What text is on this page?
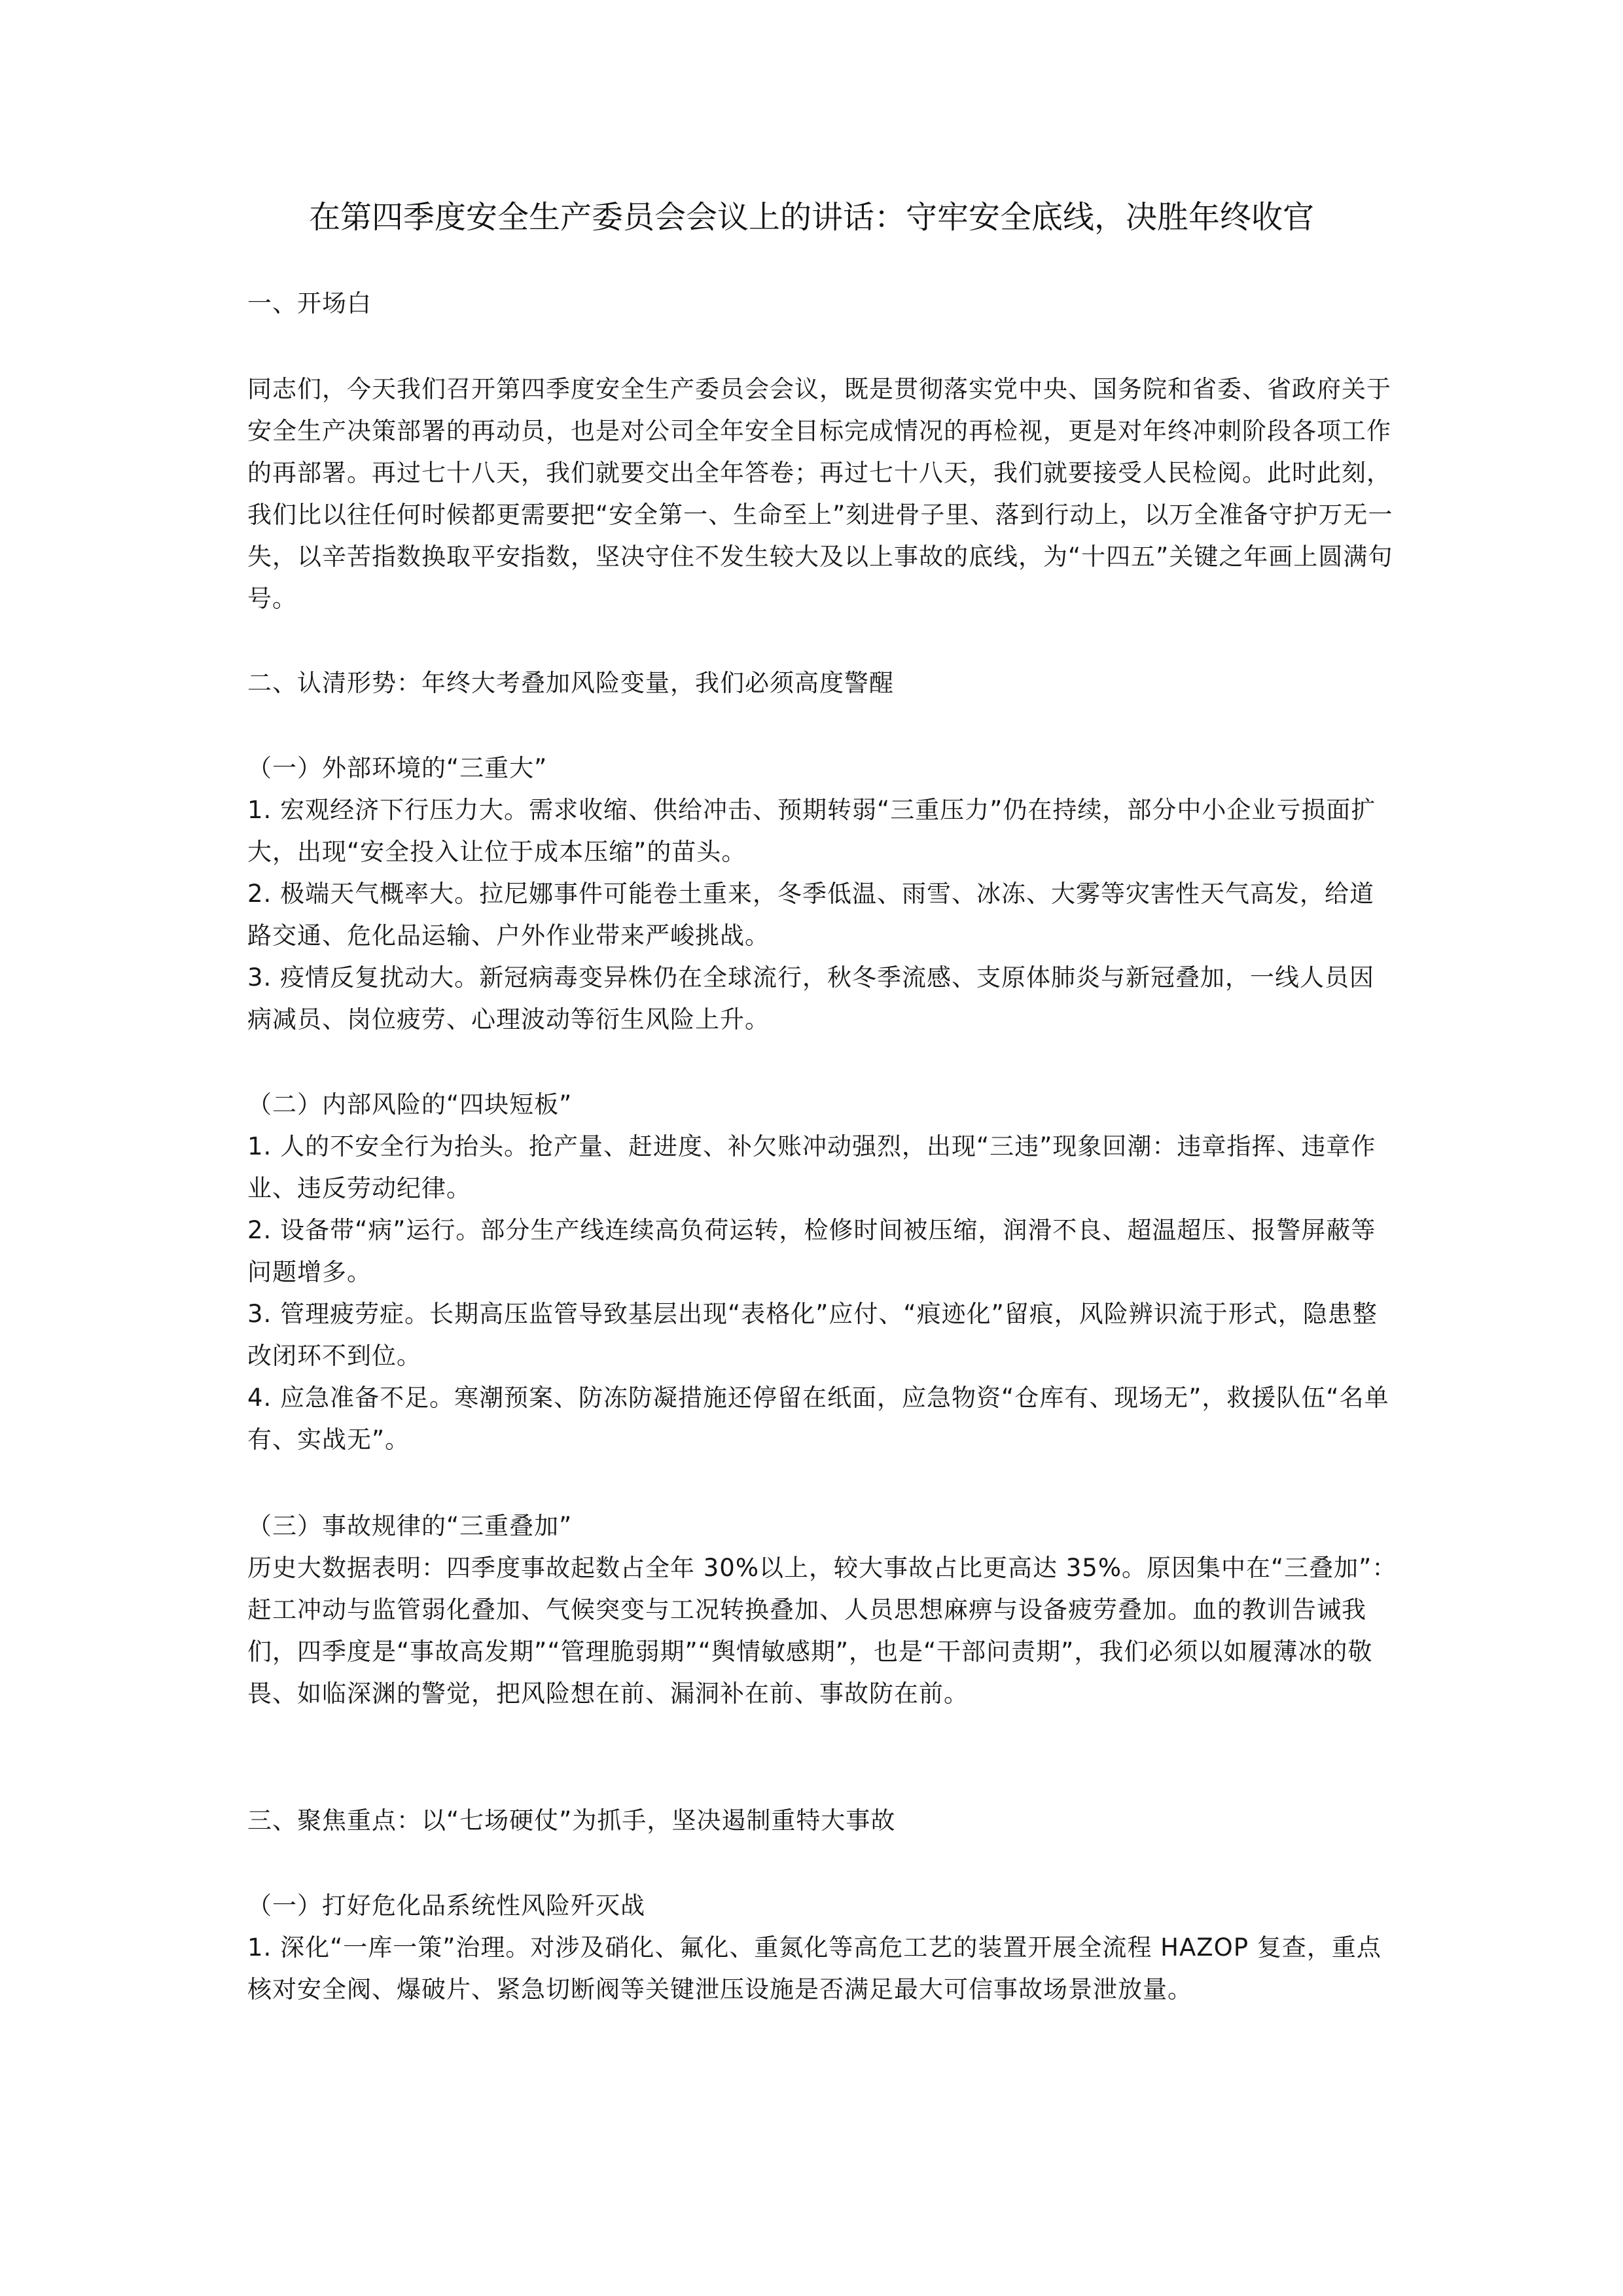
在第四季度安全生产委员会会议上的讲话：守牢安全底线，决胜年终收官
一、开场白

同志们，今天我们召开第四季度安全生产委员会会议，既是贯彻落实党中央、国务院和省委、省政府关于安全生产决策部署的再动员，也是对公司全年安全目标完成情况的再检视，更是对年终冲刺阶段各项工作的再部署。再过七十八天，我们就要交出全年答卷；再过七十八天，我们就要接受人民检阅。此时此刻，我们比以往任何时候都更需要把“安全第一、生命至上”刻进骨子里、落到行动上，以万全准备守护万无一失，以辛苦指数换取平安指数，坚决守住不发生较大及以上事故的底线，为“十四五”关键之年画上圆满句号。

二、认清形势：年终大考叠加风险变量，我们必须高度警醒
（一）外部环境的“三重大”

1. 宏观经济下行压力大。需求收缩、供给冲击、预期转弱“三重压力”仍在持续，部分中小企业亏损面扩大，出现“安全投入让位于成本压缩”的苗头。

2. 极端天气概率大。拉尼娜事件可能卷土重来，冬季低温、雨雪、冰冻、大雾等灾害性天气高发，给道路交通、危化品运输、户外作业带来严峻挑战。

3. 疫情反复扰动大。新冠病毒变异株仍在全球流行，秋冬季流感、支原体肺炎与新冠叠加，一线人员因病减员、岗位疲劳、心理波动等衍生风险上升。

（二）内部风险的“四块短板”

1. 人的不安全行为抬头。抢产量、赶进度、补欠账冲动强烈，出现“三违”现象回潮：违章指挥、违章作业、违反劳动纪律。

2. 设备带“病”运行。部分生产线连续高负荷运转，检修时间被压缩，润滑不良、超温超压、报警屏蔽等问题增多。

3. 管理疲劳症。长期高压监管导致基层出现“表格化”应付、“痕迹化”留痕，风险辨识流于形式，隐患整改闭环不到位。

4. 应急准备不足。寒潮预案、防冻防凝措施还停留在纸面，应急物资“仓库有、现场无”，救援队伍“名单有、实战无”。

（三）事故规律的“三重叠加”

历史大数据表明：四季度事故起数占全年 30%以上，较大事故占比更高达 35%。原因集中在“三叠加”：赶工冲动与监管弱化叠加、气候突变与工况转换叠加、人员思想麻痹与设备疲劳叠加。血的教训告诫我们，四季度是“事故高发期”“管理脆弱期”“舆情敏感期”，也是“干部问责期”，我们必须以如履薄冰的敬畏、如临深渊的警觉，把风险想在前、漏洞补在前、事故防在前。

三、聚焦重点：以“七场硬仗”为抓手，坚决遏制重特大事故
（一）打好危化品系统性风险歼灭战

1. 深化“一库一策”治理。对涉及硝化、氟化、重氮化等高危工艺的装置开展全流程 HAZOP 复查，重点核对安全阀、爆破片、紧急切断阀等关键泄压设施是否满足最大可信事故场景泄放量。
